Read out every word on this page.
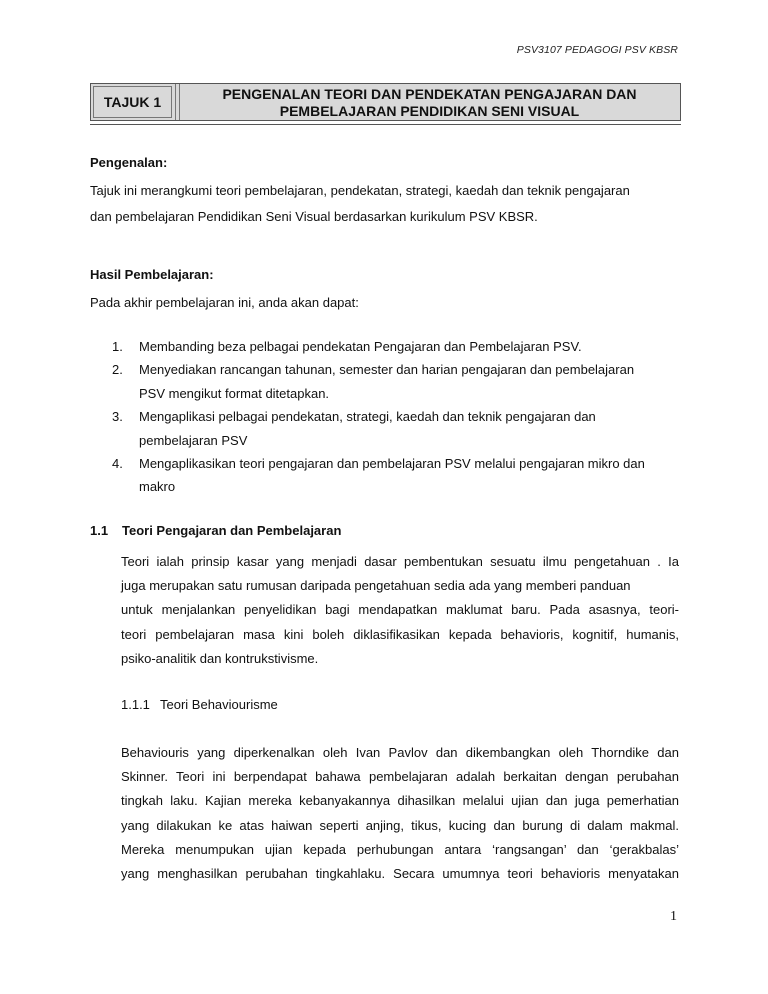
PSV3107 PEDAGOGI PSV KBSR
TAJUK 1	PENGENALAN TEORI DAN PENDEKATAN PENGAJARAN DAN
PEMBELAJARAN PENDIDIKAN SENI VISUAL
Pengenalan:
Tajuk ini merangkumi teori pembelajaran, pendekatan, strategi, kaedah dan teknik pengajaran
dan pembelajaran Pendidikan Seni Visual berdasarkan kurikulum PSV KBSR.
Hasil Pembelajaran:
Pada akhir pembelajaran ini, anda akan dapat:
1. Membanding beza pelbagai pendekatan Pengajaran dan Pembelajaran PSV.
2. Menyediakan rancangan tahunan, semester dan harian pengajaran dan pembelajaran
PSV mengikut format ditetapkan.
3. Mengaplikasi pelbagai pendekatan, strategi, kaedah dan teknik pengajaran dan
pembelajaran PSV
4. Mengaplikasikan teori pengajaran dan pembelajaran PSV melalui pengajaran mikro dan
makro
1.1 Teori Pengajaran dan Pembelajaran
Teori ialah prinsip kasar yang menjadi dasar pembentukan sesuatu ilmu pengetahuan . Ia
juga merupakan satu rumusan daripada pengetahuan sedia ada yang memberi panduan
untuk menjalankan penyelidikan bagi mendapatkan maklumat baru. Pada asasnya, teori-
teori pembelajaran masa kini boleh diklasifikasikan kepada behavioris, kognitif, humanis,
psiko-analitik dan kontrukstivisme.
1.1.1 Teori Behaviourisme
Behaviouris yang diperkenalkan oleh Ivan Pavlov dan dikembangkan oleh Thorndike dan
Skinner. Teori ini berpendapat bahawa pembelajaran adalah berkaitan dengan perubahan
tingkah laku. Kajian mereka kebanyakannya dihasilkan melalui ujian dan juga pemerhatian
yang dilakukan ke atas haiwan seperti anjing, tikus, kucing dan burung di dalam makmal.
Mereka menumpukan ujian kepada perhubungan antara ‘rangsangan’ dan ‘gerakbalas’
yang menghasilkan perubahan tingkahlaku. Secara umumnya teori behavioris menyatakan
1
